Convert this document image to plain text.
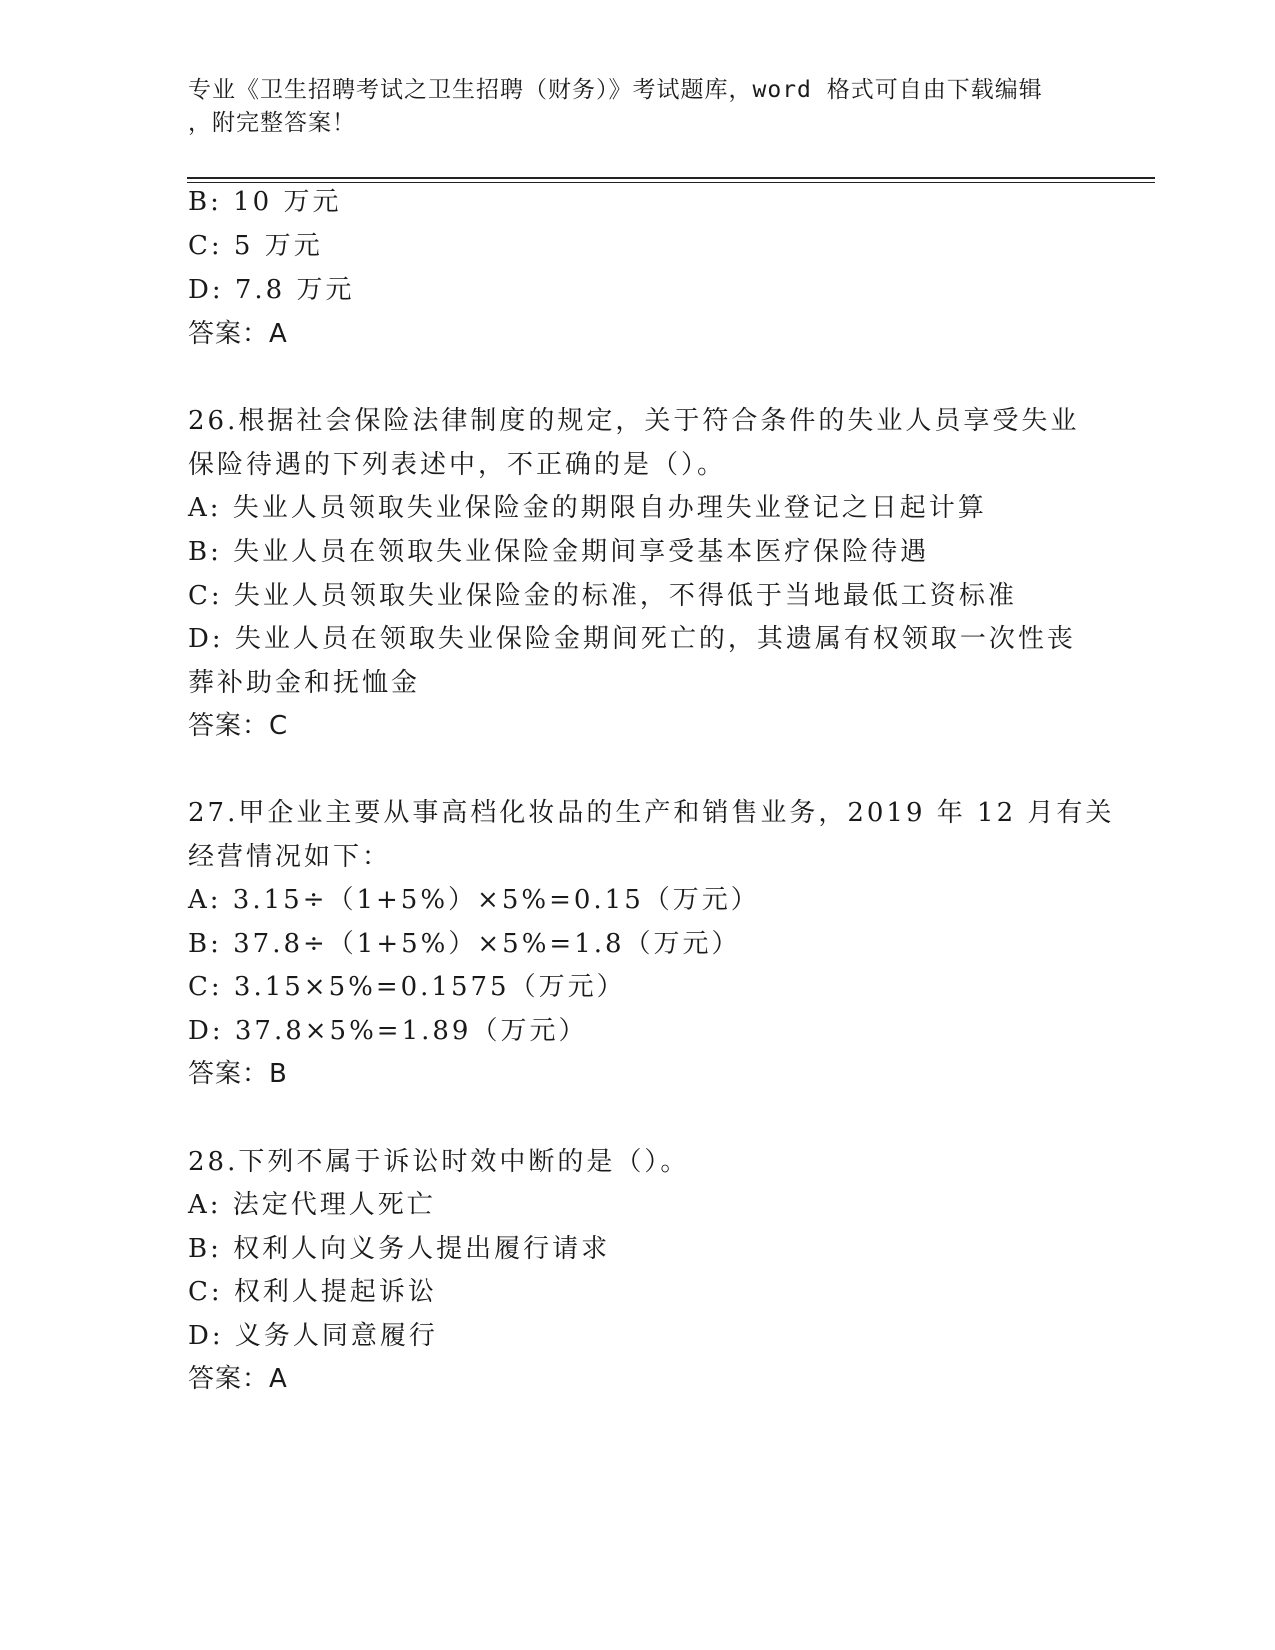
专业《卫生招聘考试之卫生招聘（财务）》考试题库，word 格式可自由下载编辑
，附完整答案！
B: 10 万元
C: 5 万元
D: 7.8 万元
答案：A
26.根据社会保险法律制度的规定，关于符合条件的失业人员享受失业
保险待遇的下列表述中，不正确的是（）。
A: 失业人员领取失业保险金的期限自办理失业登记之日起计算
B: 失业人员在领取失业保险金期间享受基本医疗保险待遇
C: 失业人员领取失业保险金的标准，不得低于当地最低工资标准
D: 失业人员在领取失业保险金期间死亡的，其遗属有权领取一次性丧
葬补助金和抚恤金
答案：C
27.甲企业主要从事高档化妆品的生产和销售业务，2019 年 12 月有关
经营情况如下：
A: 3.15÷（1+5%）×5%=0.15（万元）
B: 37.8÷（1+5%）×5%=1.8（万元）
C: 3.15×5%=0.1575（万元）
D: 37.8×5%=1.89（万元）
答案：B
28.下列不属于诉讼时效中断的是（）。
A: 法定代理人死亡
B: 权利人向义务人提出履行请求
C: 权利人提起诉讼
D: 义务人同意履行
答案：A
